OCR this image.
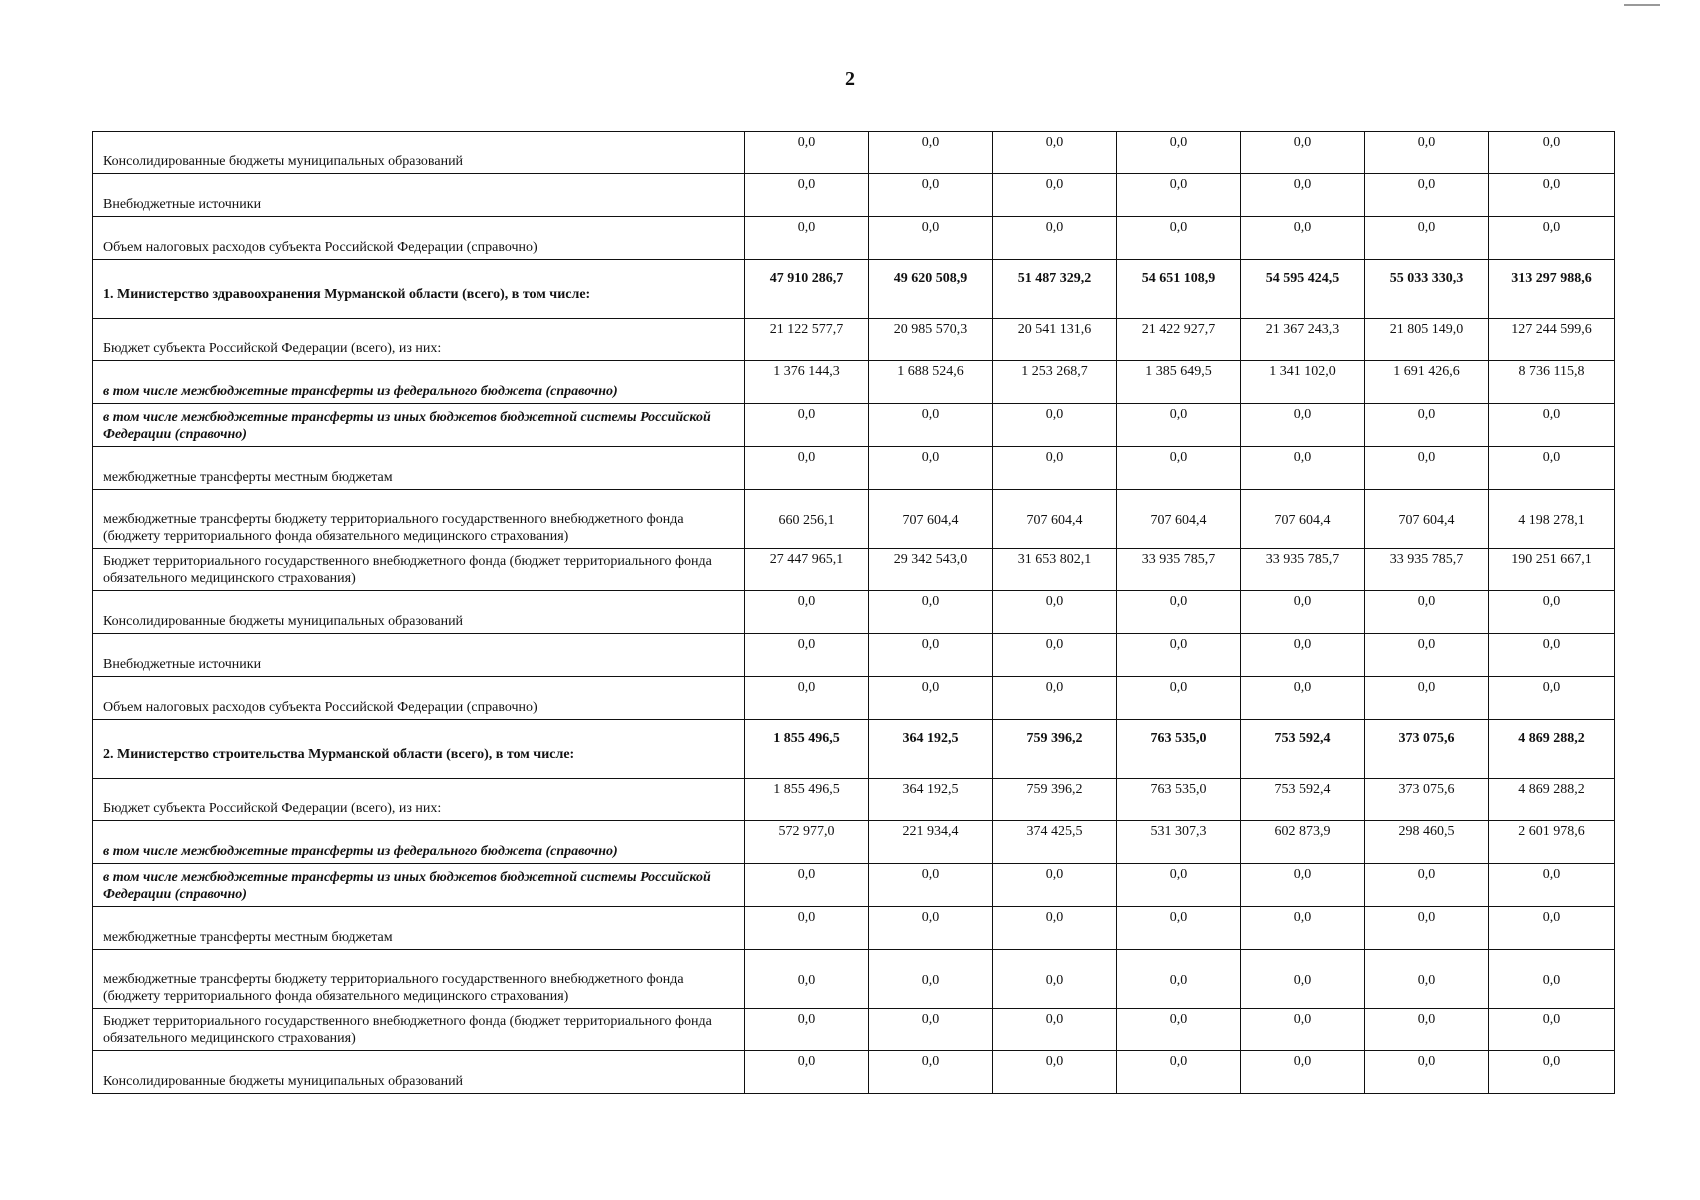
2
Консолидированные бюджеты муниципальных образований	0,0	0,0	0,0	0,0	0,0	0,0	0,0
Внебюджетные источники	0,0	0,0	0,0	0,0	0,0	0,0	0,0
Объем налоговых расходов субъекта Российской Федерации (справочно)	0,0	0,0	0,0	0,0	0,0	0,0	0,0
1. Министерство здравоохранения Мурманской области (всего), в том числе:	47 910 286,7	49 620 508,9	51 487 329,2	54 651 108,9	54 595 424,5	55 033 330,3	313 297 988,6
Бюджет субъекта Российской Федерации (всего), из них:	21 122 577,7	20 985 570,3	20 541 131,6	21 422 927,7	21 367 243,3	21 805 149,0	127 244 599,6
в том числе межбюджетные трансферты из федерального бюджета (справочно)	1 376 144,3	1 688 524,6	1 253 268,7	1 385 649,5	1 341 102,0	1 691 426,6	8 736 115,8
в том числе межбюджетные трансферты из иных бюджетов бюджетной системы Российской Федерации (справочно)	0,0	0,0	0,0	0,0	0,0	0,0	0,0
межбюджетные трансферты местным бюджетам	0,0	0,0	0,0	0,0	0,0	0,0	0,0
межбюджетные трансферты бюджету территориального государственного внебюджетного фонда (бюджету территориального фонда обязательного медицинского страхования)	660 256,1	707 604,4	707 604,4	707 604,4	707 604,4	707 604,4	4 198 278,1
Бюджет территориального государственного внебюджетного фонда (бюджет территориального фонда обязательного медицинского страхования)	27 447 965,1	29 342 543,0	31 653 802,1	33 935 785,7	33 935 785,7	33 935 785,7	190 251 667,1
Консолидированные бюджеты муниципальных образований	0,0	0,0	0,0	0,0	0,0	0,0	0,0
Внебюджетные источники	0,0	0,0	0,0	0,0	0,0	0,0	0,0
Объем налоговых расходов субъекта Российской Федерации (справочно)	0,0	0,0	0,0	0,0	0,0	0,0	0,0
2. Министерство строительства Мурманской области (всего), в том числе:	1 855 496,5	364 192,5	759 396,2	763 535,0	753 592,4	373 075,6	4 869 288,2
Бюджет субъекта Российской Федерации (всего), из них:	1 855 496,5	364 192,5	759 396,2	763 535,0	753 592,4	373 075,6	4 869 288,2
в том числе межбюджетные трансферты из федерального бюджета (справочно)	572 977,0	221 934,4	374 425,5	531 307,3	602 873,9	298 460,5	2 601 978,6
в том числе межбюджетные трансферты из иных бюджетов бюджетной системы Российской Федерации (справочно)	0,0	0,0	0,0	0,0	0,0	0,0	0,0
межбюджетные трансферты местным бюджетам	0,0	0,0	0,0	0,0	0,0	0,0	0,0
межбюджетные трансферты бюджету территориального государственного внебюджетного фонда (бюджету территориального фонда обязательного медицинского страхования)	0,0	0,0	0,0	0,0	0,0	0,0	0,0
Бюджет территориального государственного внебюджетного фонда (бюджет территориального фонда обязательного медицинского страхования)	0,0	0,0	0,0	0,0	0,0	0,0	0,0
Консолидированные бюджеты муниципальных образований	0,0	0,0	0,0	0,0	0,0	0,0	0,0
